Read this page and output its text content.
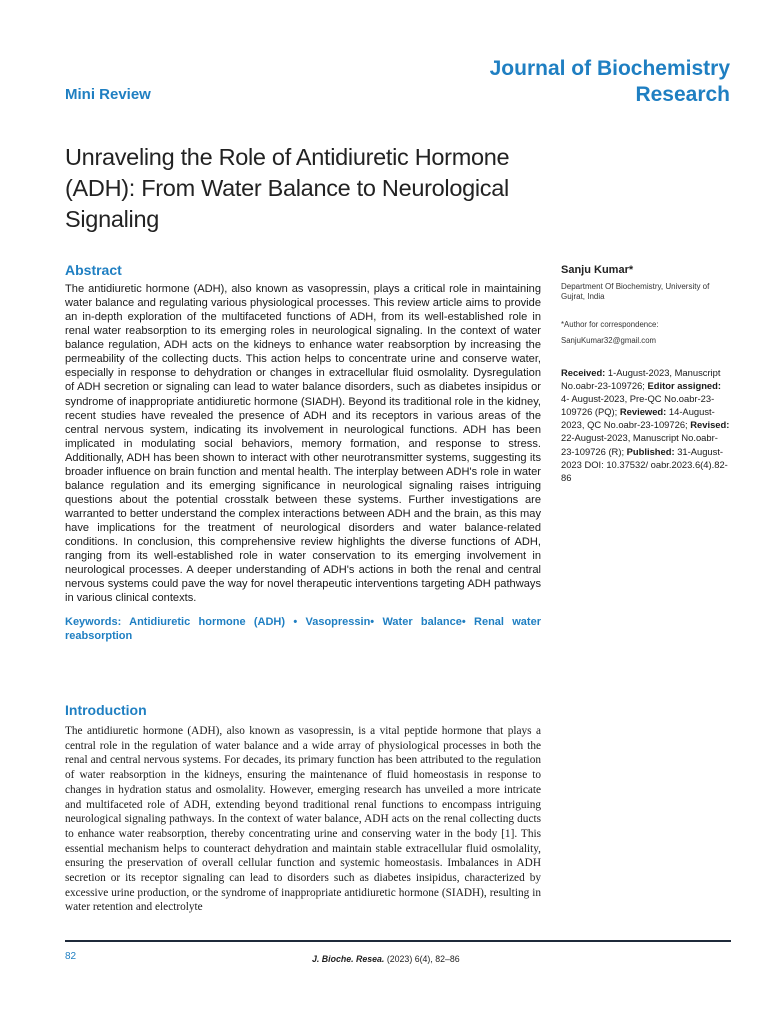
Journal of Biochemistry
Research
Mini Review
Unraveling the Role of Antidiuretic Hormone (ADH): From Water Balance to Neurological Signaling
Abstract
The antidiuretic hormone (ADH), also known as vasopressin, plays a critical role in maintaining water balance and regulating various physiological processes. This review article aims to provide an in-depth exploration of the multifaceted functions of ADH, from its well-established role in renal water reabsorption to its emerging roles in neurological signaling. In the context of water balance regulation, ADH acts on the kidneys to enhance water reabsorption by increasing the permeability of the collecting ducts. This action helps to concentrate urine and conserve water, especially in response to dehydration or changes in extracellular fluid osmolality. Dysregulation of ADH secretion or signaling can lead to water balance disorders, such as diabetes insipidus or syndrome of inappropriate antidiuretic hormone (SIADH). Beyond its traditional role in the kidney, recent studies have revealed the presence of ADH and its receptors in various areas of the central nervous system, indicating its involvement in neurological functions. ADH has been implicated in modulating social behaviors, memory formation, and response to stress. Additionally, ADH has been shown to interact with other neurotransmitter systems, suggesting its broader influence on brain function and mental health. The interplay between ADH's role in water balance regulation and its emerging significance in neurological signaling raises intriguing questions about the potential crosstalk between these systems. Further investigations are warranted to better understand the complex interactions between ADH and the brain, as this may have implications for the treatment of neurological disorders and water balance-related conditions. In conclusion, this comprehensive review highlights the diverse functions of ADH, ranging from its well-established role in water conservation to its emerging involvement in neurological processes. A deeper understanding of ADH's actions in both the renal and central nervous systems could pave the way for novel therapeutic interventions targeting ADH pathways in various clinical contexts.
Keywords: Antidiuretic hormone (ADH) • Vasopressin• Water balance• Renal water reabsorption
Introduction
The antidiuretic hormone (ADH), also known as vasopressin, is a vital peptide hormone that plays a central role in the regulation of water balance and a wide array of physiological processes in both the renal and central nervous systems. For decades, its primary function has been attributed to the regulation of water reabsorption in the kidneys, ensuring the maintenance of fluid homeostasis in response to changes in hydration status and osmolality. However, emerging research has unveiled a more intricate and multifaceted role of ADH, extending beyond traditional renal functions to encompass intriguing neurological signaling pathways. In the context of water balance, ADH acts on the renal collecting ducts to enhance water reabsorption, thereby concentrating urine and conserving water in the body [1]. This essential mechanism helps to counteract dehydration and maintain stable extracellular fluid osmolality, ensuring the preservation of overall cellular function and systemic homeostasis. Imbalances in ADH secretion or its receptor signaling can lead to disorders such as diabetes insipidus, characterized by excessive urine production, or the syndrome of inappropriate antidiuretic hormone (SIADH), resulting in water retention and electrolyte

Sanju Kumar*

Department Of Biochemistry, University of Gujrat, India
*Author for correspondence:
SanjuKumar32@gmail.com
Received: 1-August-2023, Manuscript No.oabr-23-109726; Editor assigned: 4- August-2023, Pre-QC No.oabr-23-109726 (PQ); Reviewed: 14-August-2023, QC No.oabr-23-109726; Revised: 22-August-2023, Manuscript No.oabr-23-109726 (R); Published: 31-August-2023 DOI: 10.37532/ oabr.2023.6(4).82-86
82	J. Bioche. Resea. (2023) 6(4), 82–86
